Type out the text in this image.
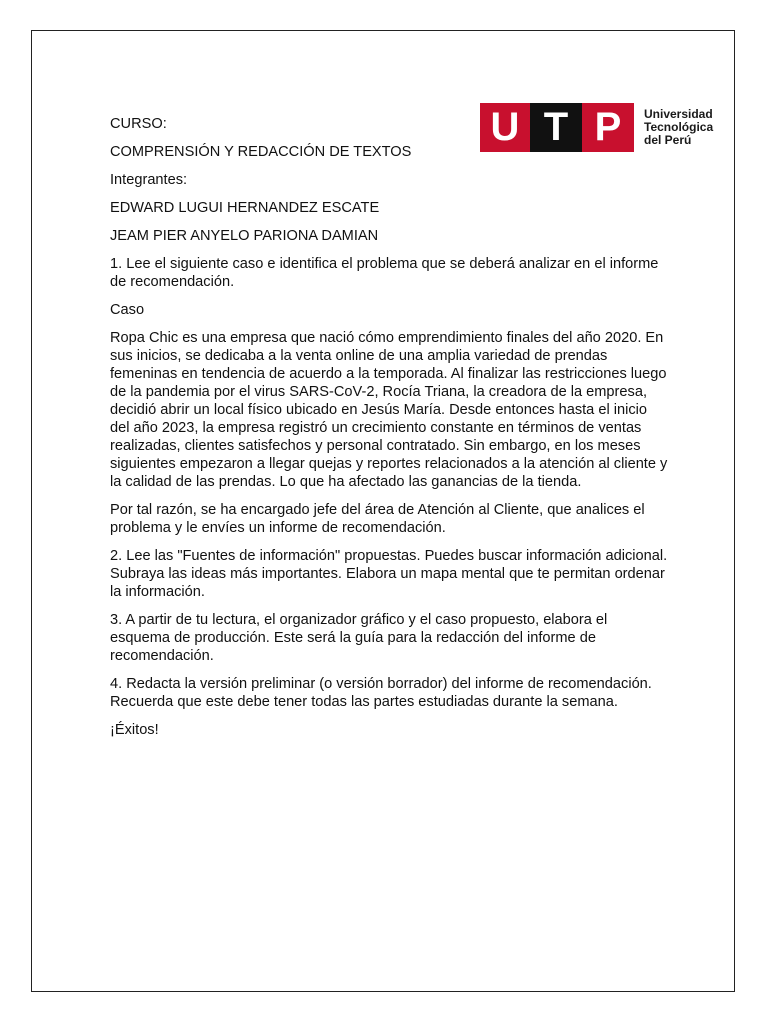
U T P	Universidad
Tecnológica
del Perú

CURSO:

COMPRENSIÓN Y REDACCIÓN DE TEXTOS

Integrantes:

EDWARD LUGUI HERNANDEZ ESCATE

JEAM PIER ANYELO PARIONA DAMIAN

1. Lee el siguiente caso e identifica el problema que se deberá analizar en el informe de recomendación.

Caso

Ropa Chic es una empresa que nació cómo emprendimiento finales del año 2020. En sus inicios, se dedicaba a la venta online de una amplia variedad de prendas femeninas en tendencia de acuerdo a la temporada. Al finalizar las restricciones luego de la pandemia por el virus SARS-CoV-2, Rocía Triana, la creadora de la empresa, decidió abrir un local físico ubicado en Jesús María. Desde entonces hasta el inicio del año 2023, la empresa registró un crecimiento constante en términos de ventas realizadas, clientes satisfechos y personal contratado. Sin embargo, en los meses siguientes empezaron a llegar quejas y reportes relacionados a la atención al cliente y la calidad de las prendas. Lo que ha afectado las ganancias de la tienda.

Por tal razón, se ha encargado jefe del área de Atención al Cliente, que analices el problema y le envíes un informe de recomendación.

2. Lee las "Fuentes de información" propuestas. Puedes buscar información adicional. Subraya las ideas más importantes. Elabora un mapa mental que te permitan ordenar la información.

3. A partir de tu lectura, el organizador gráfico y el caso propuesto, elabora el esquema de producción. Este será la guía para la redacción del informe de recomendación.

4. Redacta la versión preliminar (o versión borrador) del informe de recomendación. Recuerda que este debe tener todas las partes estudiadas durante la semana.

¡Éxitos!
